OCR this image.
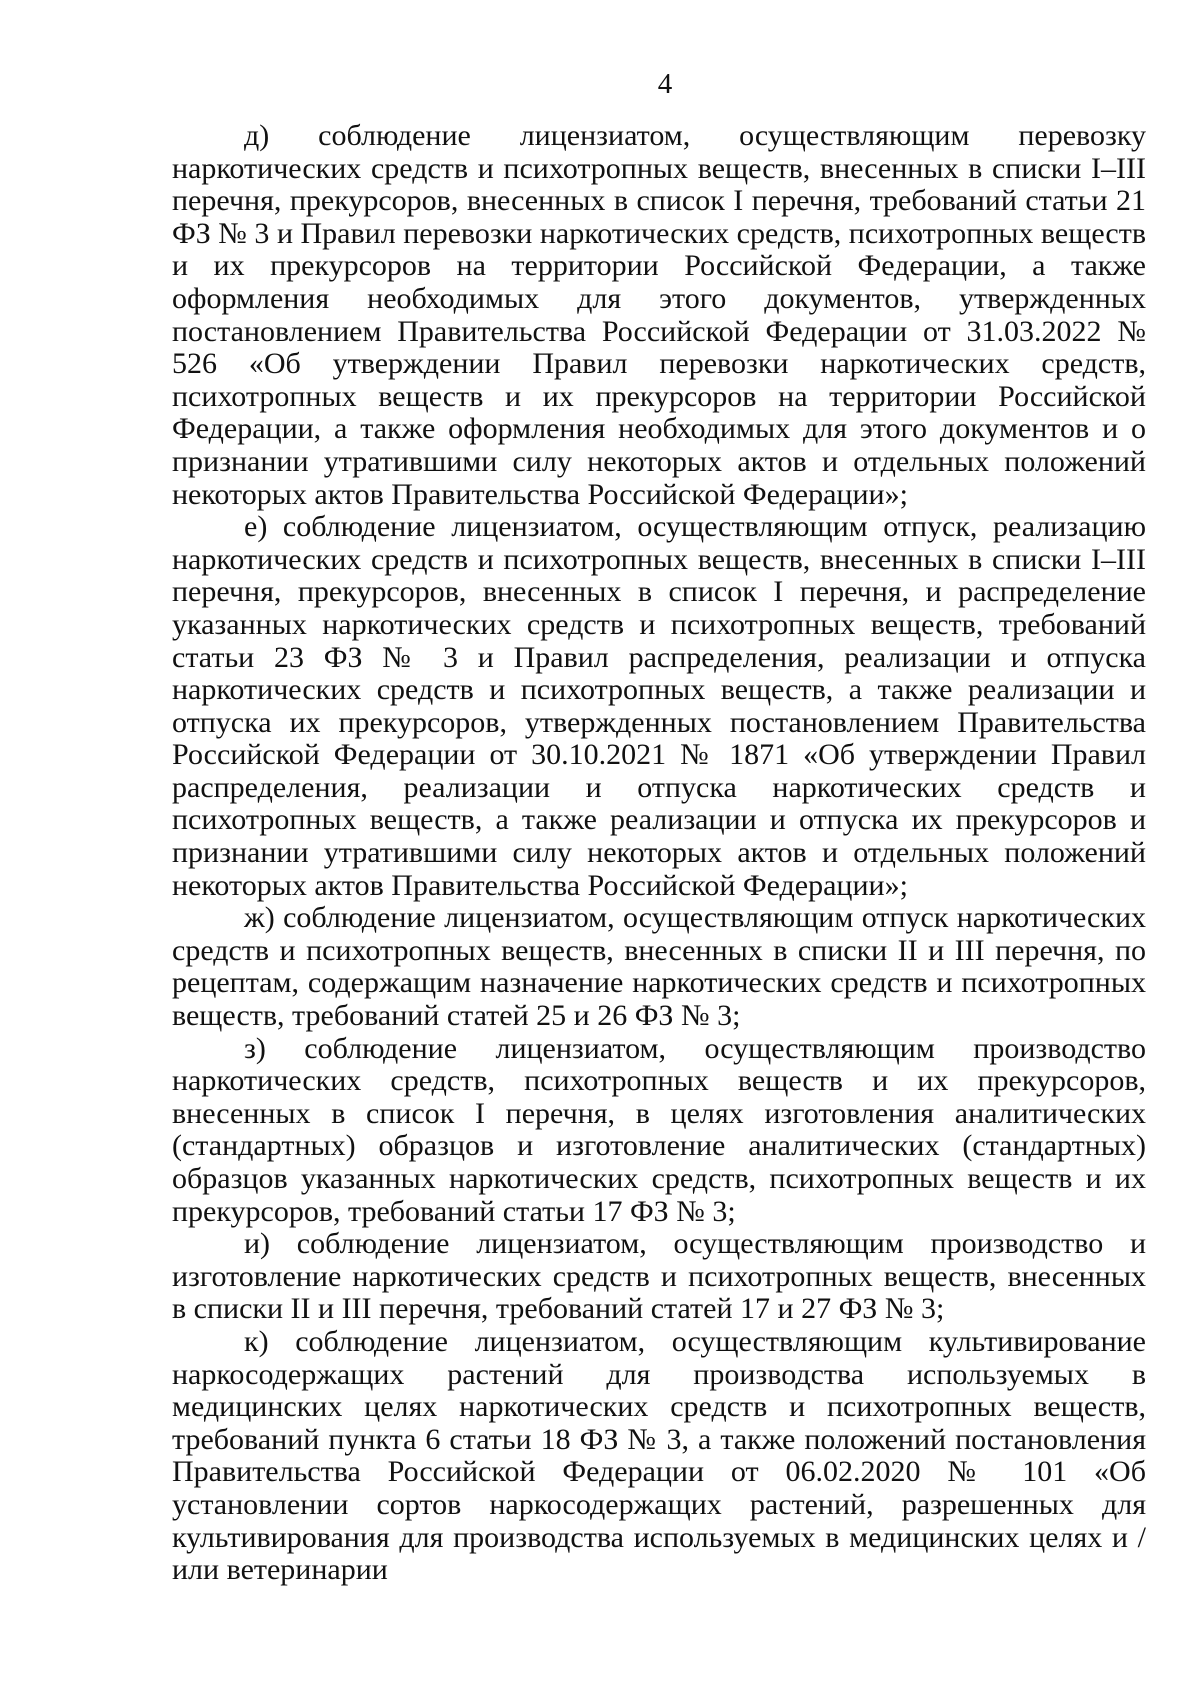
4

д) соблюдение лицензиатом, осуществляющим перевозку наркотических средств и психотропных веществ, внесенных в списки I–III перечня, прекурсоров, внесенных в список I перечня, требований статьи 21 ФЗ № 3 и Правил перевозки наркотических средств, психотропных веществ и их прекурсоров на территории Российской Федерации, а также оформления необходимых для этого документов, утвержденных постановлением Правительства Российской Федерации от 31.03.2022 № 526 «Об утверждении Правил перевозки наркотических средств, психотропных веществ и их прекурсоров на территории Российской Федерации, а также оформления необходимых для этого документов и о признании утратившими силу некоторых актов и отдельных положений некоторых актов Правительства Российской Федерации»;

е) соблюдение лицензиатом, осуществляющим отпуск, реализацию наркотических средств и психотропных веществ, внесенных в списки I–III перечня, прекурсоров, внесенных в список I перечня, и распределение указанных наркотических средств и психотропных веществ, требований статьи 23 ФЗ № 3 и Правил распределения, реализации и отпуска наркотических средств и психотропных веществ, а также реализации и отпуска их прекурсоров, утвержденных постановлением Правительства Российской Федерации от 30.10.2021 № 1871 «Об утверждении Правил распределения, реализации и отпуска наркотических средств и психотропных веществ, а также реализации и отпуска их прекурсоров и признании утратившими силу некоторых актов и отдельных положений некоторых актов Правительства Российской Федерации»;

ж) соблюдение лицензиатом, осуществляющим отпуск наркотических средств и психотропных веществ, внесенных в списки II и III перечня, по рецептам, содержащим назначение наркотических средств и психотропных веществ, требований статей 25 и 26 ФЗ № 3;

з) соблюдение лицензиатом, осуществляющим производство наркотических средств, психотропных веществ и их прекурсоров, внесенных в список I перечня, в целях изготовления аналитических (стандартных) образцов и изготовление аналитических (стандартных) образцов указанных наркотических средств, психотропных веществ и их прекурсоров, требований статьи 17 ФЗ № 3;

и) соблюдение лицензиатом, осуществляющим производство и изготовление наркотических средств и психотропных веществ, внесенных в списки II и III перечня, требований статей 17 и 27 ФЗ № 3;

к) соблюдение лицензиатом, осуществляющим культивирование наркосодержащих растений для производства используемых в медицинских целях наркотических средств и психотропных веществ, требований пункта 6 статьи 18 ФЗ № 3, а также положений постановления Правительства Российской Федерации от 06.02.2020 № 101 «Об установлении сортов наркосодержащих растений, разрешенных для культивирования для производства используемых в медицинских целях и / или ветеринарии
